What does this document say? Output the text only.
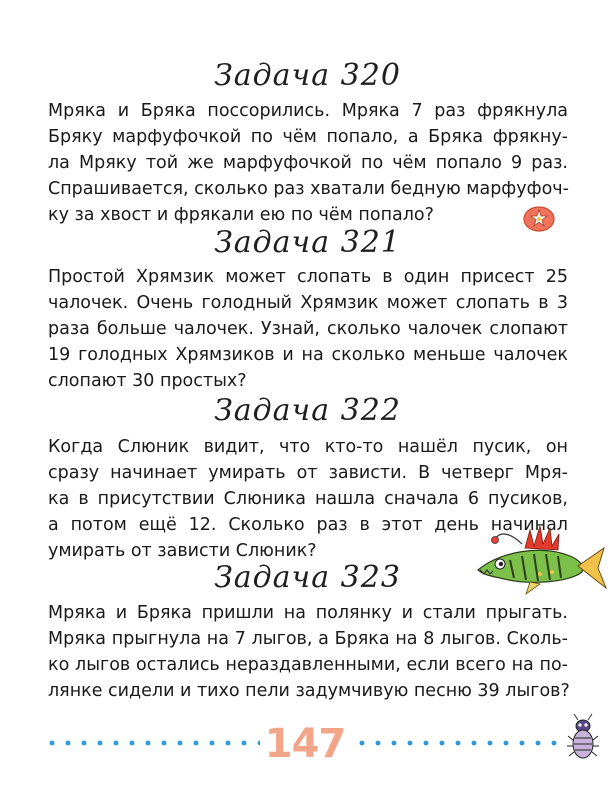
Задача 320
Мряка и Бряка поссорились. Мряка 7 раз фрякнула
Бряку марфуфочкой по чём попало, а Бряка фрякну-
ла Мряку той же марфуфочкой по чём попало 9 раз.
Спрашивается, сколько раз хватали бедную марфуфоч-
ку за хвост и фрякали ею по чём попало?
Задача 321
Простой Хрямзик может слопать в один присест 25
чалочек. Очень голодный Хрямзик может слопать в 3
раза больше чалочек. Узнай, сколько чалочек слопают
19 голодных Хрямзиков и на сколько меньше чалочек
слопают 30 простых?
Задача 322
Когда Слюник видит, что кто-то нашёл пусик, он
сразу начинает умирать от зависти. В четверг Мря-
ка в присутствии Слюника нашла сначала 6 пусиков,
а потом ещё 12. Сколько раз в этот день начинал
умирать от зависти Слюник?
Задача 323
Мряка и Бряка пришли на полянку и стали прыгать.
Мряка прыгнула на 7 лыгов, а Бряка на 8 лыгов. Сколь-
ко лыгов остались нераздавленными, если всего на по-
лянке сидели и тихо пели задумчивую песню 39 лыгов?
147
